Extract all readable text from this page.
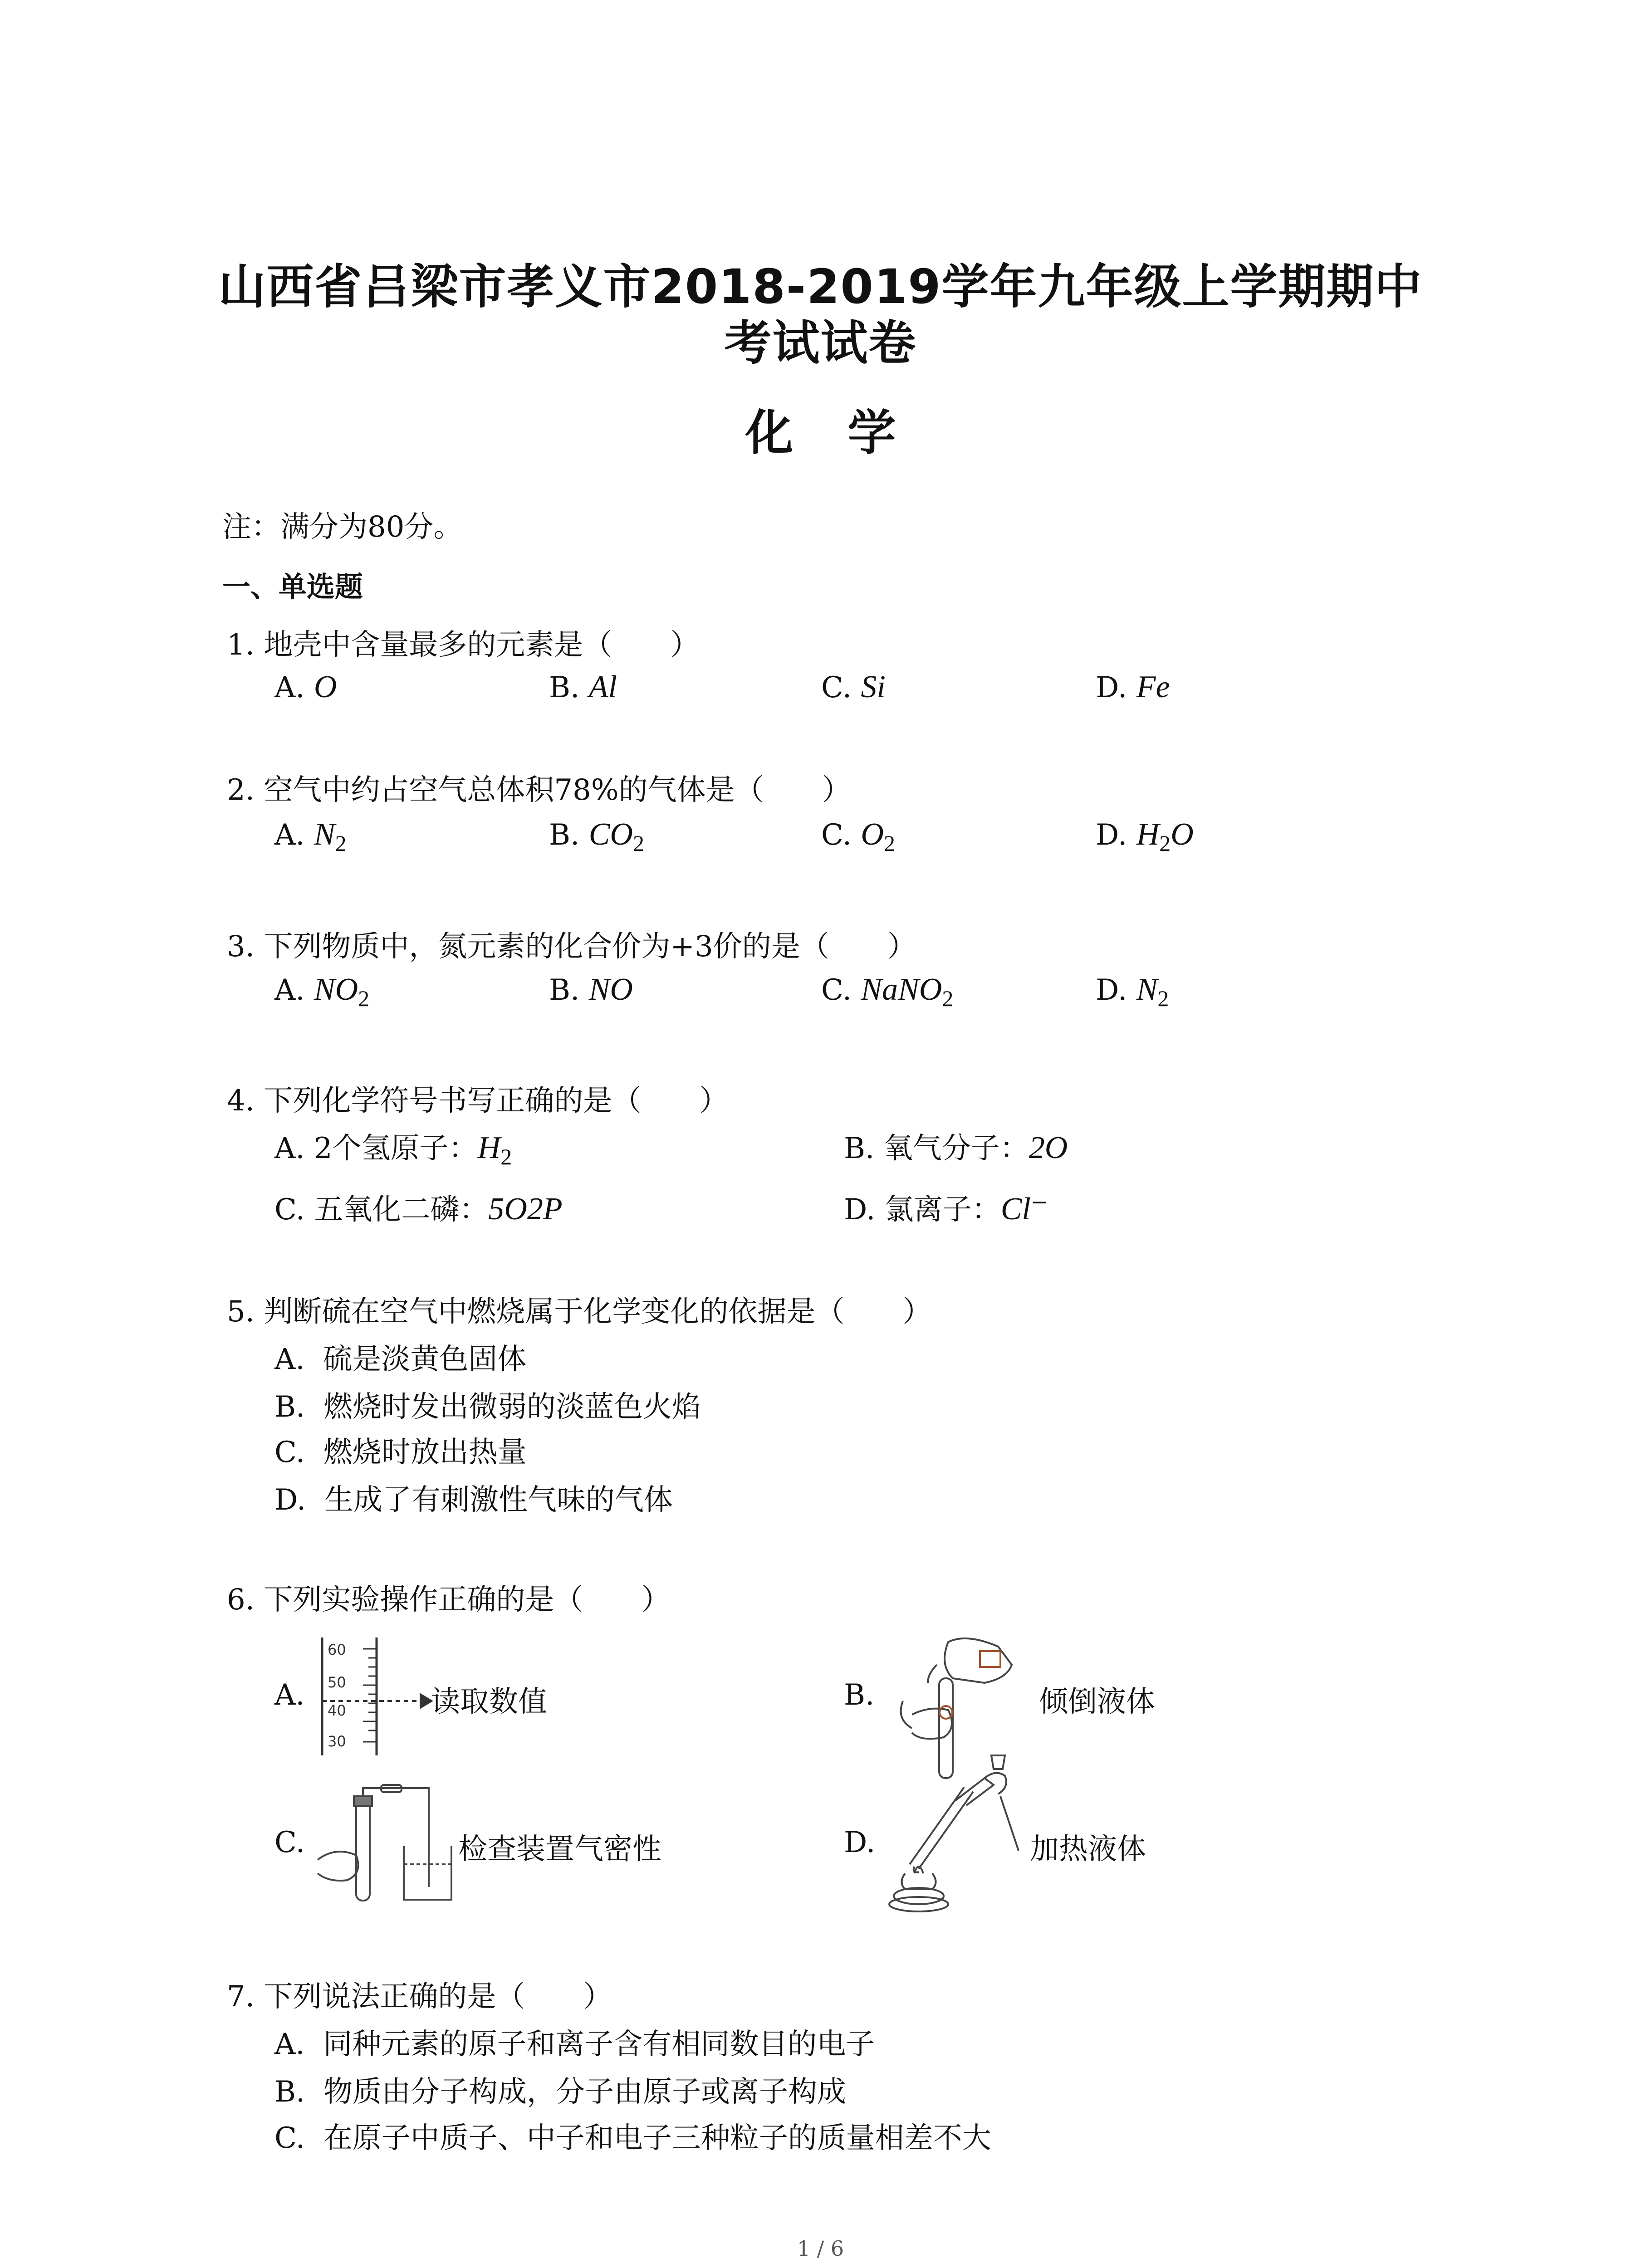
山西省吕梁市孝义市2018-2019学年九年级上学期期中
考试试卷
化学
注：满分为80分。
一、单选题
1. 地壳中含量最多的元素是（　　）
A. O	B. Al	C. Si	D. Fe
2. 空气中约占空气总体积78%的气体是（　　）
A. $N_2$	B. $CO_2$	C. $O_2$	D. $H_2O$
3. 下列物质中，氮元素的化合价为+3价的是（　　）
A. $NO_2$	B. NO	C. NaNO$_2$	D. $N_2$
4. 下列化学符号书写正确的是（　　）
A. 2个氢原子：$H_2$	B. 氧气分子：2O
C. 五氧化二磷：5O2P	D. 氯离子：Cl−
5. 判断硫在空气中燃烧属于化学变化的依据是（　　）
A. 硫是淡黄色固体
B. 燃烧时发出微弱的淡蓝色火焰
C. 燃烧时放出热量
D. 生成了有刺激性气味的气体
6. 下列实验操作正确的是（　　）
A.
60
50
40
30
读取数值	B.	倾倒液体
C.	检查装置气密性	D.	加热液体
7. 下列说法正确的是（　　）
A. 同种元素的原子和离子含有相同数目的电子
B. 物质由分子构成，分子由原子或离子构成
C. 在原子中质子、中子和电子三种粒子的质量相差不大
1 / 6
